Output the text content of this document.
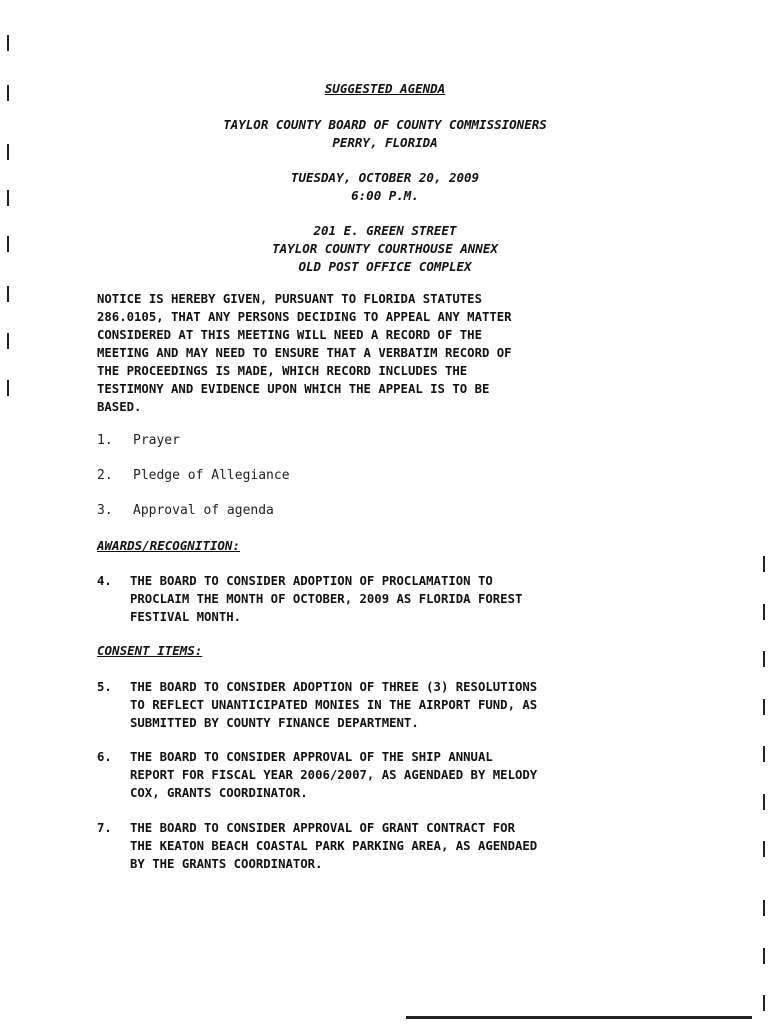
SUGGESTED AGENDA
TAYLOR COUNTY BOARD OF COUNTY COMMISSIONERS
PERRY, FLORIDA
TUESDAY, OCTOBER 20, 2009
6:00 P.M.
201 E. GREEN STREET
TAYLOR COUNTY COURTHOUSE ANNEX
OLD POST OFFICE COMPLEX
NOTICE IS HEREBY GIVEN, PURSUANT TO FLORIDA STATUTES
286.0105, THAT ANY PERSONS DECIDING TO APPEAL ANY MATTER
CONSIDERED AT THIS MEETING WILL NEED A RECORD OF THE
MEETING AND MAY NEED TO ENSURE THAT A VERBATIM RECORD OF
THE PROCEEDINGS IS MADE, WHICH RECORD INCLUDES THE
TESTIMONY AND EVIDENCE UPON WHICH THE APPEAL IS TO BE
BASED.
1. Prayer
2. Pledge of Allegiance
3. Approval of agenda
AWARDS/RECOGNITION:
4. THE BOARD TO CONSIDER ADOPTION OF PROCLAMATION TO
PROCLAIM THE MONTH OF OCTOBER, 2009 AS FLORIDA FOREST
FESTIVAL MONTH.
CONSENT ITEMS:
5. THE BOARD TO CONSIDER ADOPTION OF THREE (3) RESOLUTIONS
TO REFLECT UNANTICIPATED MONIES IN THE AIRPORT FUND, AS
SUBMITTED BY COUNTY FINANCE DEPARTMENT.
6. THE BOARD TO CONSIDER APPROVAL OF THE SHIP ANNUAL
REPORT FOR FISCAL YEAR 2006/2007, AS AGENDAED BY MELODY
COX, GRANTS COORDINATOR.
7. THE BOARD TO CONSIDER APPROVAL OF GRANT CONTRACT FOR
THE KEATON BEACH COASTAL PARK PARKING AREA, AS AGENDAED
BY THE GRANTS COORDINATOR.
